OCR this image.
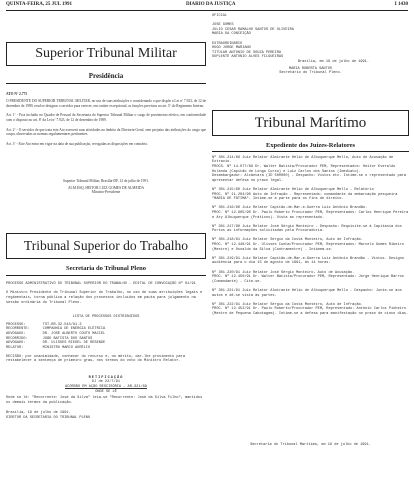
QUINTA-FEIRA, 25 JUL 1991	DIARIO DA JUSTIÇA	I 1430
Superior Tribunal Militar
Presidência
ATO Nº 2.775
O PRESIDENTE DO SUPERIOR TRIBUNAL MILITAR, no uso de suas atribuições e considerando o que dispõe a Lei nº 7.923, de 12 de dezembro de 1989, resolve designar o servidor para exercer, em caráter excepcional, as funções previstas no art. 5º do Regimento Interno.

Art. 1º - Fica incluído no Quadro de Pessoal da Secretaria do Superior Tribunal Militar o cargo de provimento efetivo, em conformidade com o disposto no art. 8º da Lei nº 7.923, de 12 de dezembro de 1989.

Art. 2º - O servidor de que trata este Ato exercerá suas atividades no âmbito da Diretoria-Geral, sem prejuízo das atribuições do cargo que ocupa, observadas as normas regulamentares pertinentes.

Art. 3º - Este Ato entra em vigor na data de sua publicação, revogadas as disposições em contrário.
Superior Tribunal Militar, Brasília-DF, 12 de julho de 1991.
ALM.ESQ. HEITOR LUIZ GOMES DE ALMEIDA
Ministro-Presidente
Tribunal Superior do Trabalho
Secretaria do Tribunal Pleno
PROCESSO ADMINISTRATIVO DO TRIBUNAL SUPERIOR DO TRABALHO - EDITAL DE CONVOCAÇÃO Nº 01/91

O Ministro Presidente do Tribunal Superior do Trabalho, no uso de suas atribuições legais e regimentais, torna pública a relação dos processos incluídos em pauta para julgamento na sessão ordinária do Tribunal Pleno.
LISTA DE PROCESSOS DISTRIBUÍDOS
PROCESSO:        TST-RR-32.543/91.3
RECORRENTE:      COMPANHIA DE ENERGIA ELÉTRICA
ADVOGADO:        DR. JOSÉ ALBERTO COUTO MACIEL
RECORRIDO:       JOÃO BATISTA DOS SANTOS
ADVOGADO:        DR. ULISSES RIEDEL DE RESENDE
RELATOR:         MINISTRO MARCO AURÉLIO
DECISÃO: por unanimidade, conhecer do recurso e, no mérito, dar-lhe provimento para restabelecer a sentença de primeiro grau, nos termos do voto do Ministro Relator.
RETIFICAÇÃO
DJ de 22/7/91
ACÓRDÃO EM AÇÃO RESCISÓRIA - AR-321/89
ONDE SE LÊ
Onde se lê: "Recorrente: José da Silva" leia-se "Recorrente: José da Silva Filho", mantidos os demais termos da publicação.
Brasília, 19 de julho de 1991.
DIRETOR DA SECRETARIA DO TRIBUNAL PLENO
OFICIAL

JOSE GOMES
JULIO CESAR RAMALHO SANTOS DE OLIVEIRA
MARIA DA CONCEIÇÃO

EXTRAORDINÁRIO
HUGO JORGE MARIANO
TITULAR ANTONIO DE SOUZA PEREIRA
SUPLENTE ANTONIO ALVES FILGUEIRAS
Brasília, em 19 de julho de 1991.
MARIA ROBERTA SANTOS
Secretário do Tribunal Pleno.
Tribunal Marítimo
Expediente dos Juízes-Relatores
Nº 301.214/89 Juiz Relator Almirante Hélio de Albuquerque Mello, Auto de Acusação de Extravio.
PROCS. Nº 14.077/89 Dr. Walter Batista/Procurador PEM, Representados: Heitor Everaldo Holanda (Capitão de Longo Curso) e Luiz Carlos dos Santos (Imediato).
Desembargador: Alcântara (ID 500000) - Despacho: Vistos etc. Intime-se o representado para apresentar defesa no prazo legal.

Nº 301.215/90 Juiz Relator Almirante Hélio de Albuquerque Mello - Relatório
PROC. Nº 11.204/90 Auto de Infração - Representado: comandante da embarcação pesqueira "MARIA DE FÁTIMA". Intime-se a parte para os fins de direito.

Nº 301.216/90 Juiz Relator Capitão-de-Mar-e-Guerra Luiz Antônio Brandão.
PROC. Nº 12.905/90 Dr. Paulo Roberto Procurador PEM, Representados: Carlos Henrique Pereira e Ary Albuquerque (Práticos). Vista ao representado.

Nº 301.217/90 Juiz Relator José Sérgio Monteiro - Despacho: Requisite-se à Capitania dos Portos as informações solicitadas pela Procuradoria.

Nº 301.218/91 Juiz Relator Sérgio da Costa Monteiro, Auto de Infração.
PROC. Nº 12.448/91 Dr. Ulisses Cunha/Procurador PEM, Representados: Marcelo Gomes Ribeiro (Mestre) e Osvaldo da Silva (Contramestre) - Intimem-se.

Nº 301.219/91 Juiz Relator Capitão-de-Mar-e-Guerra Luiz Antônio Brandão - Vistos. Designo audiência para o dia 15 de agosto de 1991, às 14 horas.

Nº 301.220/91 Juiz Relator José Sérgio Monteiro, Auto de Acusação.
PROC. Nº 12.450/91 Dr. Walter Batista/Procurador PEM, Representado: Jorge Henrique Barros (Comandante) - Cite-se.

Nº 301.221/91 Juiz Relator Almirante Hélio de Albuquerque Mello - Despacho: Junte-se aos autos e dê-se vista às partes.

Nº 301.222/91 Juiz Relator Sérgio da Costa Monteiro, Auto de Infração.
PROC. Nº 12.452/91 Dr. Paulo Roberto/Procurador PEM, Representado: Antônio Carlos Pinheiro (Mestre de Pequena Cabotagem). Intime-se a defesa para manifestação no prazo de cinco dias.
Secretaria do Tribunal Marítimo, em 19 de julho de 1991.
